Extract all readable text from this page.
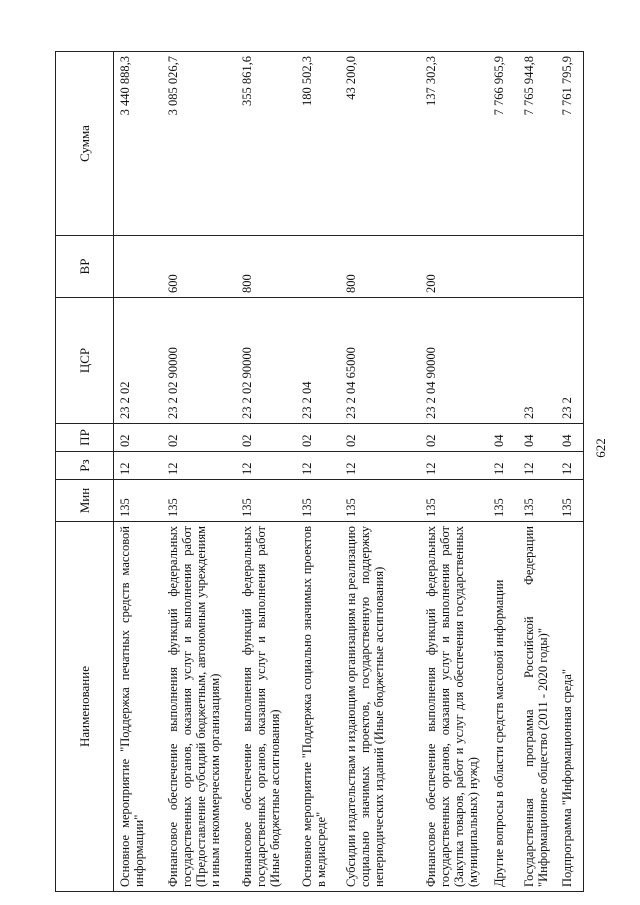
622
Наименование	Мин	Рз	ПР	ЦСР	ВР	Сумма
Основное мероприятие "Поддержка печатных средств массовой информации"	135	12	02	23 2 02		3 440 888,3
Финансовое обеспечение выполнения функций федеральных государственных органов, оказания услуг и выполнения работ (Предоставление субсидий бюджетным, автономным учреждениям и иным некоммерческим организациям)	135	12	02	23 2 02 90000	600	3 085 026,7
Финансовое обеспечение выполнения функций федеральных государственных органов, оказания услуг и выполнения работ (Иные бюджетные ассигнования)	135	12	02	23 2 02 90000	800	355 861,6
Основное мероприятие "Поддержка социально значимых проектов в медиасреде"	135	12	02	23 2 04		180 502,3
Субсидии издательствам и издающим организациям на реализацию социально значимых проектов, государственную поддержку непериодических изданий (Иные бюджетные ассигнования)	135	12	02	23 2 04 65000	800	43 200,0
Финансовое обеспечение выполнения функций федеральных государственных органов, оказания услуг и выполнения работ (Закупка товаров, работ и услуг для обеспечения государственных (муниципальных) нужд)	135	12	02	23 2 04 90000	200	137 302,3
Другие вопросы в области средств массовой информации	135	12	04			7 766 965,9
Государственная программа Российской Федерации "Информационное общество (2011 - 2020 годы)"	135	12	04	23		7 765 944,8
Подпрограмма "Информационная среда"	135	12	04	23 2		7 761 795,9
